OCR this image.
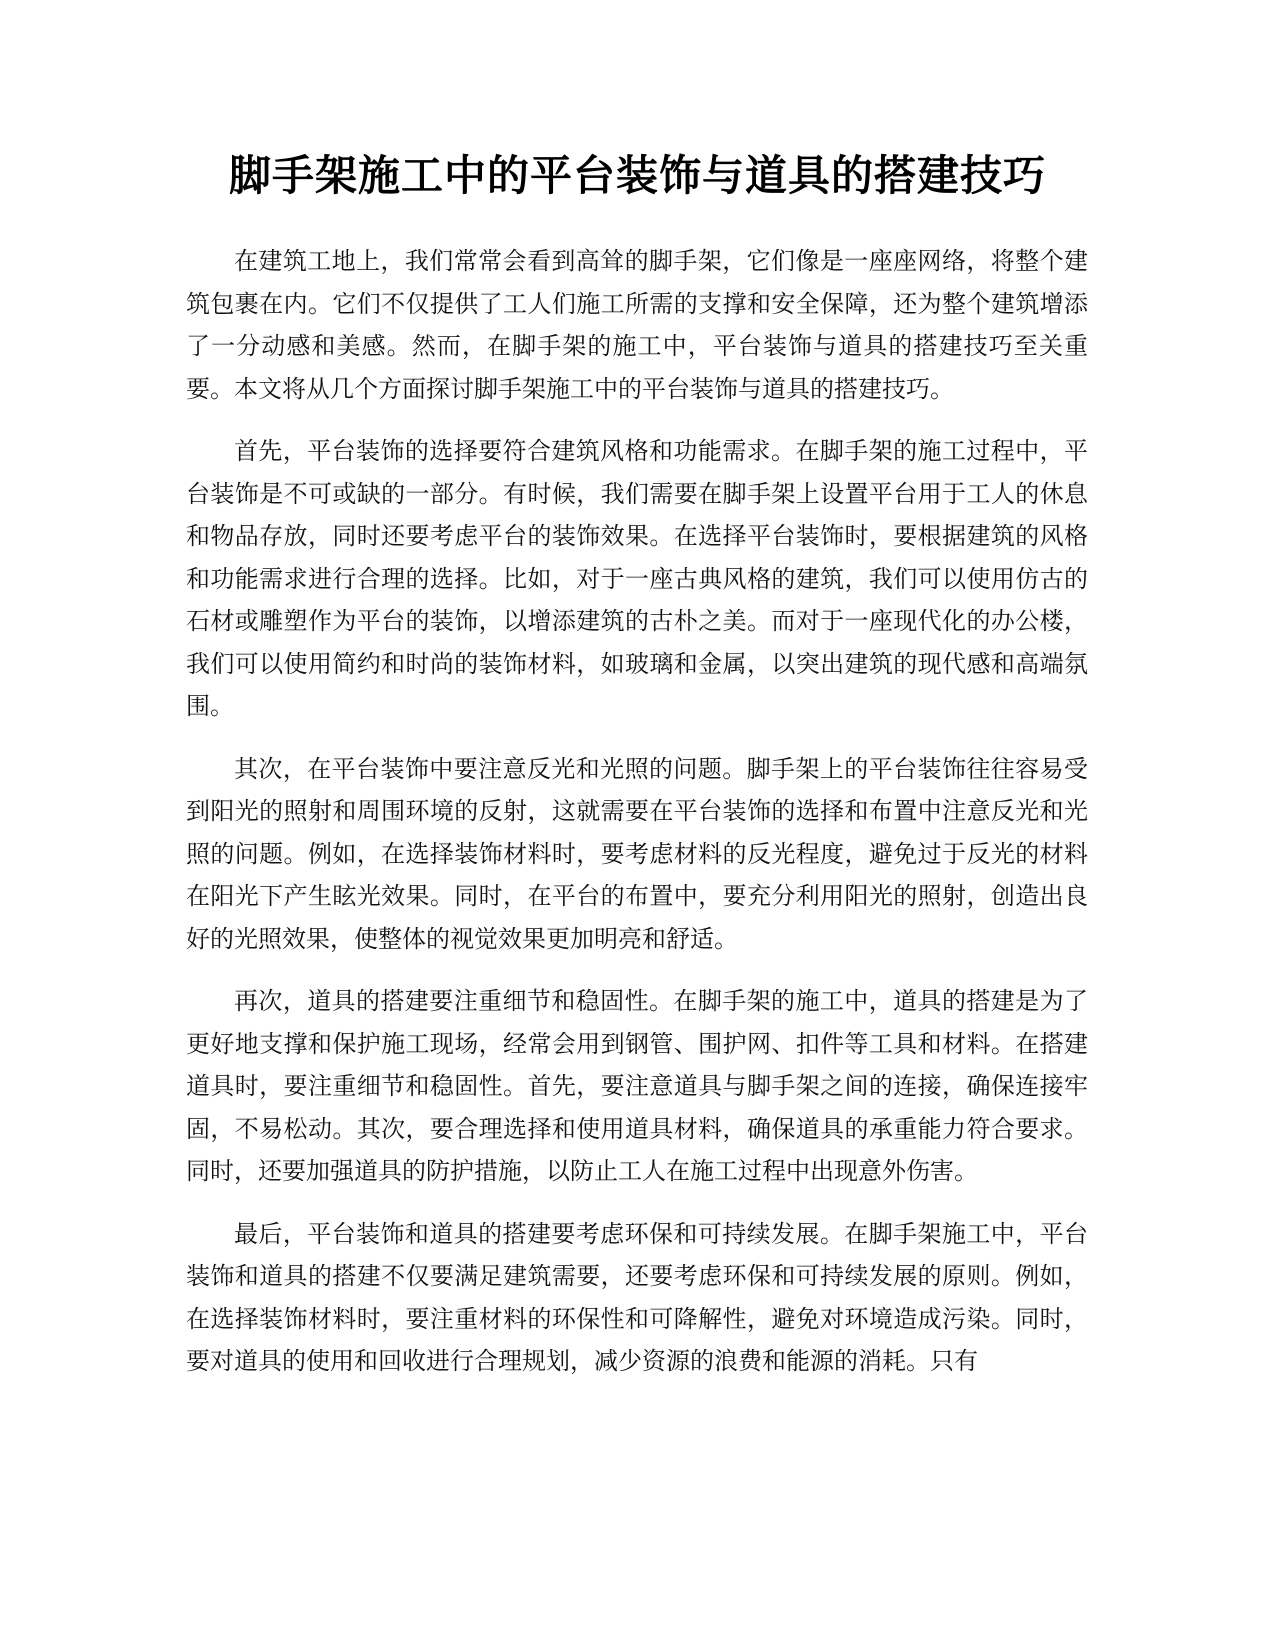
脚手架施工中的平台装饰与道具的搭建技巧

在建筑工地上，我们常常会看到高耸的脚手架，它们像是一座座网络，将整个建筑包裹在内。它们不仅提供了工人们施工所需的支撑和安全保障，还为整个建筑增添了一分动感和美感。然而，在脚手架的施工中，平台装饰与道具的搭建技巧至关重要。本文将从几个方面探讨脚手架施工中的平台装饰与道具的搭建技巧。

首先，平台装饰的选择要符合建筑风格和功能需求。在脚手架的施工过程中，平台装饰是不可或缺的一部分。有时候，我们需要在脚手架上设置平台用于工人的休息和物品存放，同时还要考虑平台的装饰效果。在选择平台装饰时，要根据建筑的风格和功能需求进行合理的选择。比如，对于一座古典风格的建筑，我们可以使用仿古的石材或雕塑作为平台的装饰，以增添建筑的古朴之美。而对于一座现代化的办公楼，我们可以使用简约和时尚的装饰材料，如玻璃和金属，以突出建筑的现代感和高端氛围。

其次，在平台装饰中要注意反光和光照的问题。脚手架上的平台装饰往往容易受到阳光的照射和周围环境的反射，这就需要在平台装饰的选择和布置中注意反光和光照的问题。例如，在选择装饰材料时，要考虑材料的反光程度，避免过于反光的材料在阳光下产生眩光效果。同时，在平台的布置中，要充分利用阳光的照射，创造出良好的光照效果，使整体的视觉效果更加明亮和舒适。

再次，道具的搭建要注重细节和稳固性。在脚手架的施工中，道具的搭建是为了更好地支撑和保护施工现场，经常会用到钢管、围护网、扣件等工具和材料。在搭建道具时，要注重细节和稳固性。首先，要注意道具与脚手架之间的连接，确保连接牢固，不易松动。其次，要合理选择和使用道具材料，确保道具的承重能力符合要求。同时，还要加强道具的防护措施，以防止工人在施工过程中出现意外伤害。

最后，平台装饰和道具的搭建要考虑环保和可持续发展。在脚手架施工中，平台装饰和道具的搭建不仅要满足建筑需要，还要考虑环保和可持续发展的原则。例如，在选择装饰材料时，要注重材料的环保性和可降解性，避免对环境造成污染。同时，要对道具的使用和回收进行合理规划，减少资源的浪费和能源的消耗。只有
